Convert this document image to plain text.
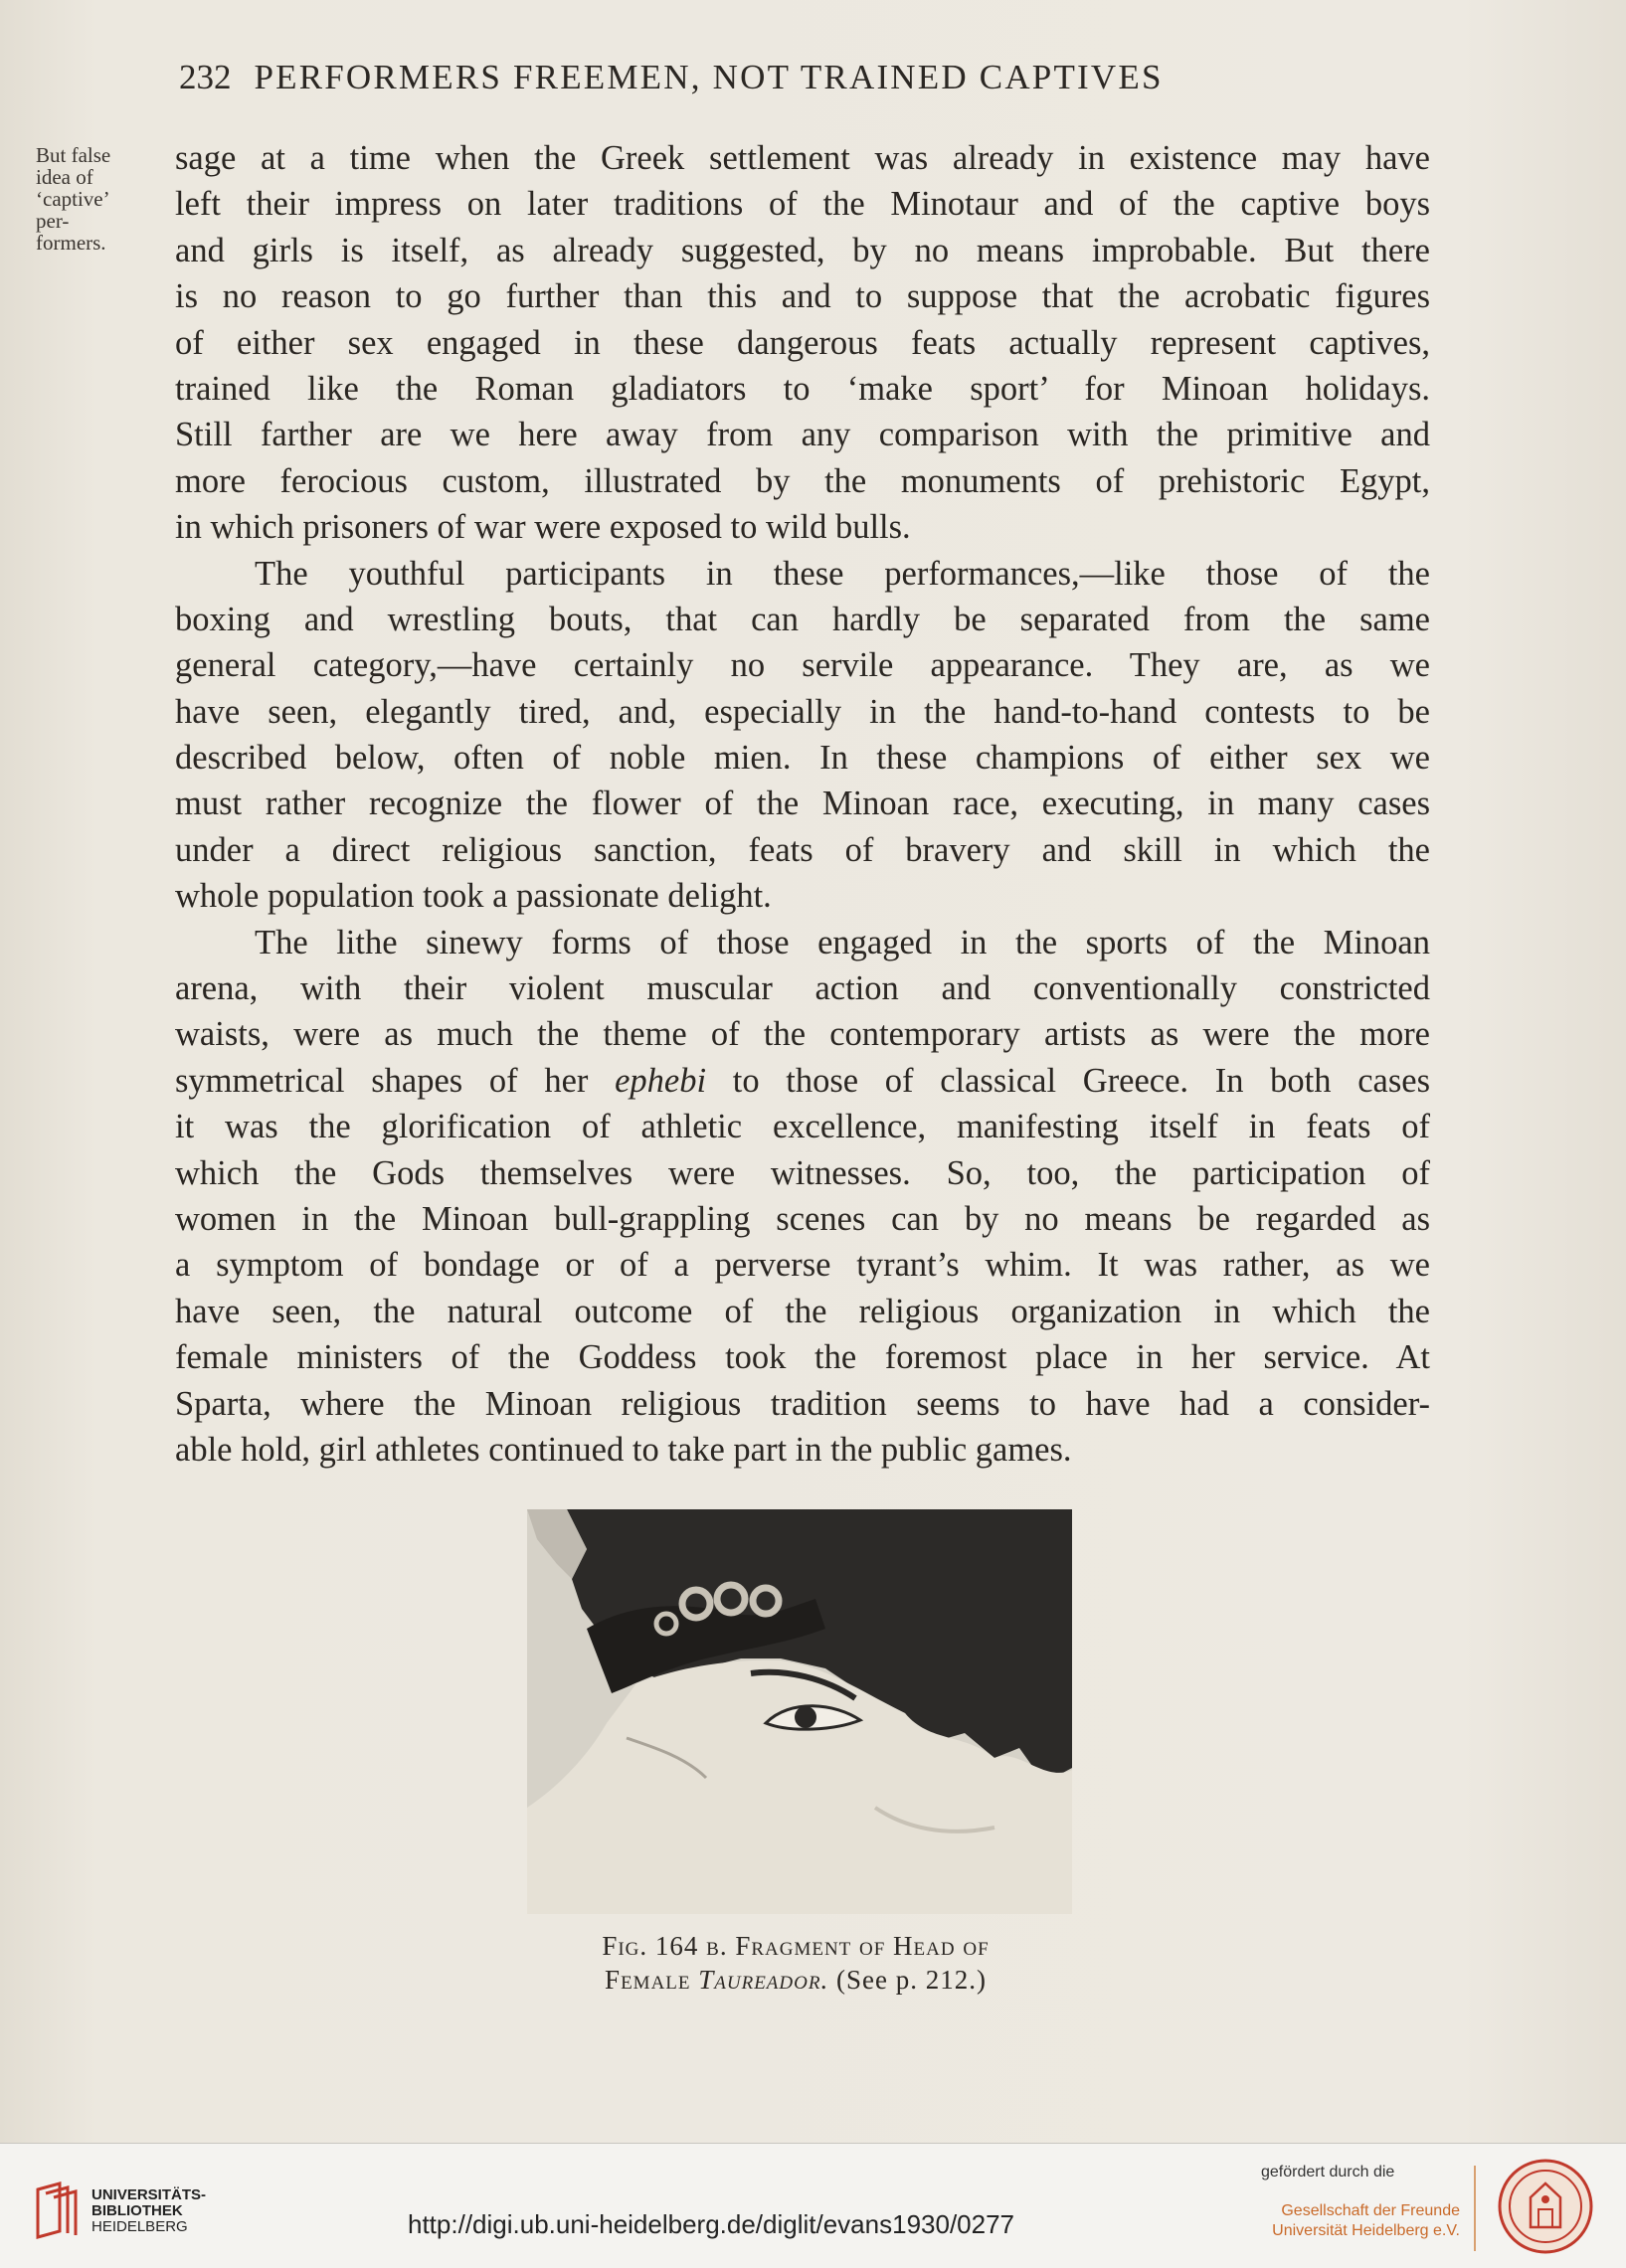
232 PERFORMERS FREEMEN, NOT TRAINED CAPTIVES
But false
idea of
‘captive’
per-
formers.
sage at a time when the Greek settlement was already in existence may have
left their impress on later traditions of the Minotaur and of the captive boys
and girls is itself, as already suggested, by no means improbable. But there
is no reason to go further than this and to suppose that the acrobatic figures
of either sex engaged in these dangerous feats actually represent captives,
trained like the Roman gladiators to ‘make sport’ for Minoan holidays.
Still farther are we here away from any comparison with the primitive and
more ferocious custom, illustrated by the monuments of prehistoric Egypt,
in which prisoners of war were exposed to wild bulls.
The youthful participants in these performances,—like those of the
boxing and wrestling bouts, that can hardly be separated from the same
general category,—have certainly no servile appearance. They are, as we
have seen, elegantly tired, and, especially in the hand-to-hand contests to be
described below, often of noble mien. In these champions of either sex we
must rather recognize the flower of the Minoan race, executing, in many cases
under a direct religious sanction, feats of bravery and skill in which the
whole population took a passionate delight.
The lithe sinewy forms of those engaged in the sports of the Minoan
arena, with their violent muscular action and conventionally constricted
waists, were as much the theme of the contemporary artists as were the more
symmetrical shapes of her ephebi to those of classical Greece. In both cases
it was the glorification of athletic excellence, manifesting itself in feats of
which the Gods themselves were witnesses. So, too, the participation of
women in the Minoan bull-grappling scenes can by no means be regarded as
a symptom of bondage or of a perverse tyrant’s whim. It was rather, as we
have seen, the natural outcome of the religious organization in which the
female ministers of the Goddess took the foremost place in her service. At
Sparta, where the Minoan religious tradition seems to have had a consider-
able hold, girl athletes continued to take part in the public games.
Fig. 164 b. Fragment of Head of
Female Taureador. (See p. 212.)
UNIVERSITÄTS-
BIBLIOTHEK
HEIDELBERG	http://digi.ub.uni-heidelberg.de/diglit/evans1930/0277
gefördert durch die
Gesellschaft der Freunde
Universität Heidelberg e.V.
